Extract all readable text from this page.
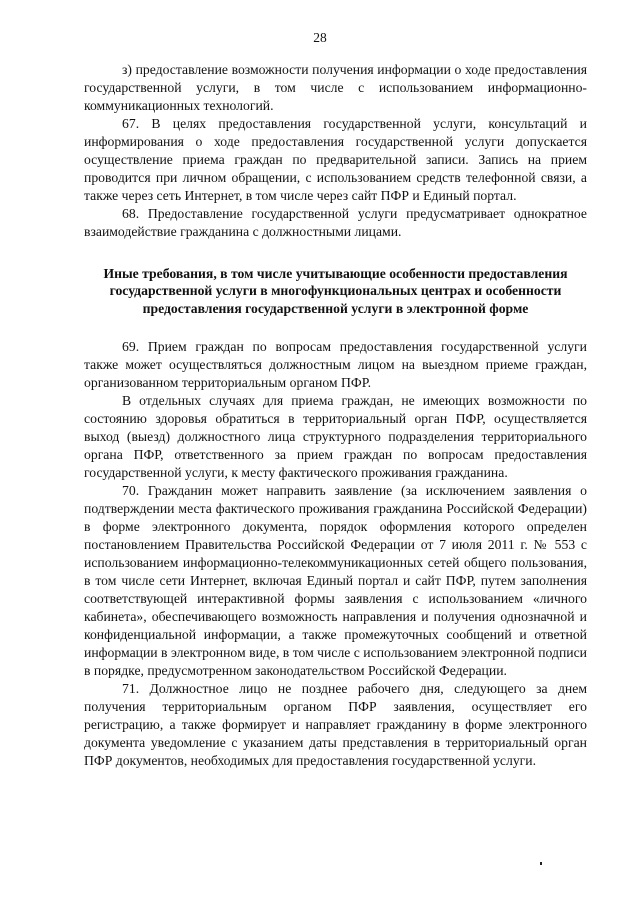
28

з) предоставление возможности получения информации о ходе предоставления государственной услуги, в том числе с использованием информационно-коммуникационных технологий.

67. В целях предоставления государственной услуги, консультаций и информирования о ходе предоставления государственной услуги допускается осуществление приема граждан по предварительной записи. Запись на прием проводится при личном обращении, с использованием средств телефонной связи, а также через сеть Интернет, в том числе через сайт ПФР и Единый портал.

68. Предоставление государственной услуги предусматривает однократное взаимодействие гражданина с должностными лицами.

Иные требования, в том числе учитывающие особенности предоставления государственной услуги в многофункциональных центрах и особенности предоставления государственной услуги в электронной форме

69. Прием граждан по вопросам предоставления государственной услуги также может осуществляться должностным лицом на выездном приеме граждан, организованном территориальным органом ПФР.

В отдельных случаях для приема граждан, не имеющих возможности по состоянию здоровья обратиться в территориальный орган ПФР, осуществляется выход (выезд) должностного лица структурного подразделения территориального органа ПФР, ответственного за прием граждан по вопросам предоставления государственной услуги, к месту фактического проживания гражданина.

70. Гражданин может направить заявление (за исключением заявления о подтверждении места фактического проживания гражданина Российской Федерации) в форме электронного документа, порядок оформления которого определен постановлением Правительства Российской Федерации от 7 июля 2011 г. № 553 с использованием информационно-телекоммуникационных сетей общего пользования, в том числе сети Интернет, включая Единый портал и сайт ПФР, путем заполнения соответствующей интерактивной формы заявления с использованием «личного кабинета», обеспечивающего возможность направления и получения однозначной и конфиденциальной информации, а также промежуточных сообщений и ответной информации в электронном виде, в том числе с использованием электронной подписи в порядке, предусмотренном законодательством Российской Федерации.

71. Должностное лицо не позднее рабочего дня, следующего за днем получения территориальным органом ПФР заявления, осуществляет его регистрацию, а также формирует и направляет гражданину в форме электронного документа уведомление с указанием даты представления в территориальный орган ПФР документов, необходимых для предоставления государственной услуги.
